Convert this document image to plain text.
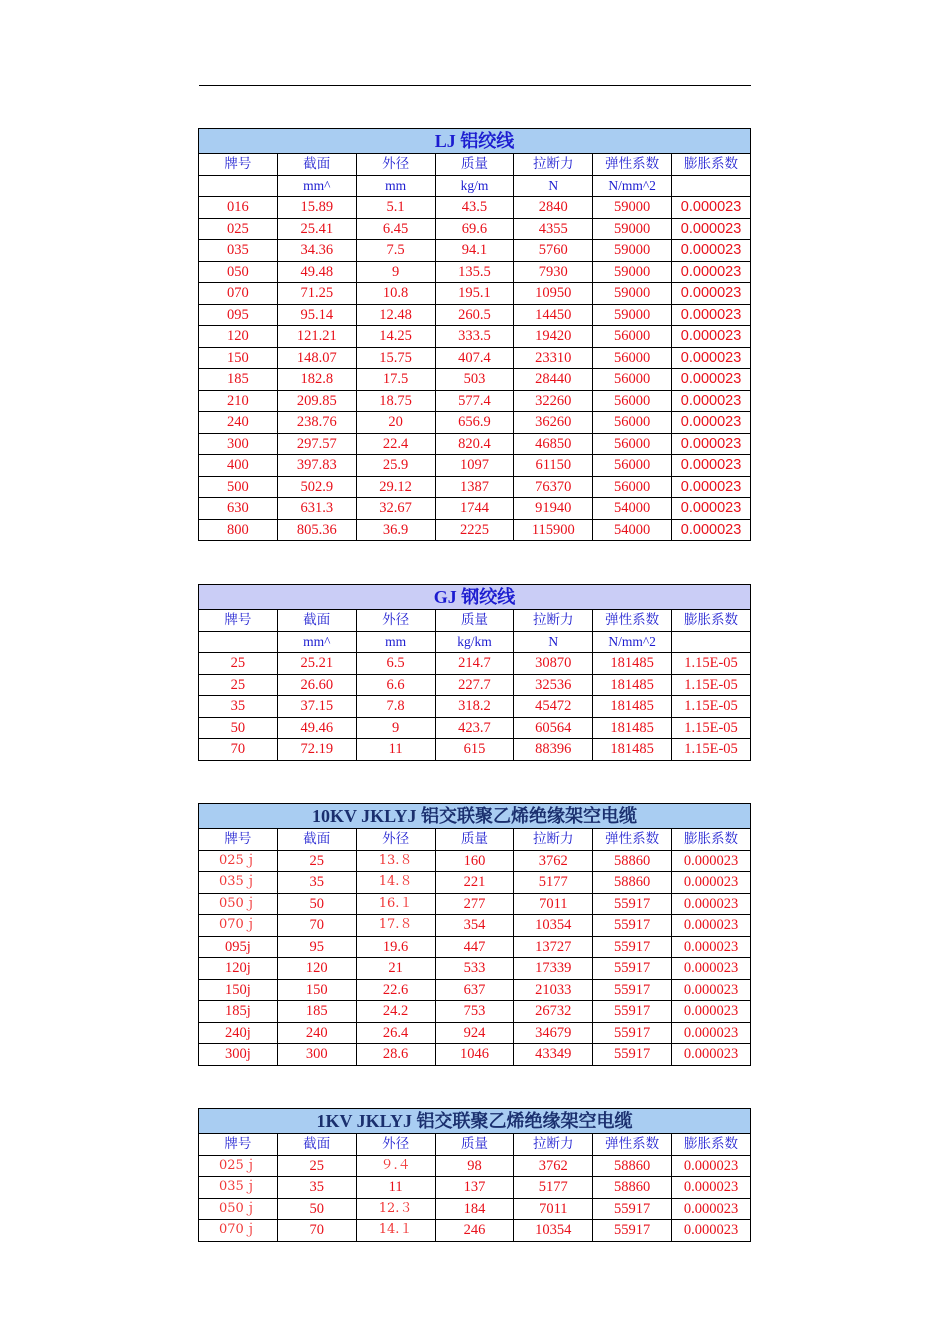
LJ 铝绞线						
牌号	截面	外径	质量	拉断力	弹性系数	膨胀系数
	mm^	mm	kg/m	N	N/mm^2	
016	15.89	5.1	43.5	2840	59000	0.000023
025	25.41	6.45	69.6	4355	59000	0.000023
035	34.36	7.5	94.1	5760	59000	0.000023
050	49.48	9	135.5	7930	59000	0.000023
070	71.25	10.8	195.1	10950	59000	0.000023
095	95.14	12.48	260.5	14450	59000	0.000023
120	121.21	14.25	333.5	19420	56000	0.000023
150	148.07	15.75	407.4	23310	56000	0.000023
185	182.8	17.5	503	28440	56000	0.000023
210	209.85	18.75	577.4	32260	56000	0.000023
240	238.76	20	656.9	36260	56000	0.000023
300	297.57	22.4	820.4	46850	56000	0.000023
400	397.83	25.9	1097	61150	56000	0.000023
500	502.9	29.12	1387	76370	56000	0.000023
630	631.3	32.67	1744	91940	54000	0.000023
800	805.36	36.9	2225	115900	54000	0.000023
GJ 钢绞线						
牌号	截面	外径	质量	拉断力	弹性系数	膨胀系数
	mm^	mm	kg/km	N	N/mm^2	
25	25.21	6.5	214.7	30870	181485	1.15E-05
25	26.60	6.6	227.7	32536	181485	1.15E-05
35	37.15	7.8	318.2	45472	181485	1.15E-05
50	49.46	9	423.7	60564	181485	1.15E-05
70	72.19	11	615	88396	181485	1.15E-05
10KV JKLYJ 铝交联聚乙烯绝缘架空电缆						
牌号	截面	外径	质量	拉断力	弹性系数	膨胀系数
025ｊ	25	13.８	160	3762	58860	0.000023
035ｊ	35	14.８	221	5177	58860	0.000023
050ｊ	50	16.１	277	7011	55917	0.000023
070ｊ	70	17.８	354	10354	55917	0.000023
095j	95	19.6	447	13727	55917	0.000023
120j	120	21	533	17339	55917	0.000023
150j	150	22.6	637	21033	55917	0.000023
185j	185	24.2	753	26732	55917	0.000023
240j	240	26.4	924	34679	55917	0.000023
300j	300	28.6	1046	43349	55917	0.000023
1KV JKLYJ 铝交联聚乙烯绝缘架空电缆						
牌号	截面	外径	质量	拉断力	弹性系数	膨胀系数
025ｊ	25	９.４	98	3762	58860	0.000023
035ｊ	35	11	137	5177	58860	0.000023
050ｊ	50	12.３	184	7011	55917	0.000023
070ｊ	70	14.１	246	10354	55917	0.000023
